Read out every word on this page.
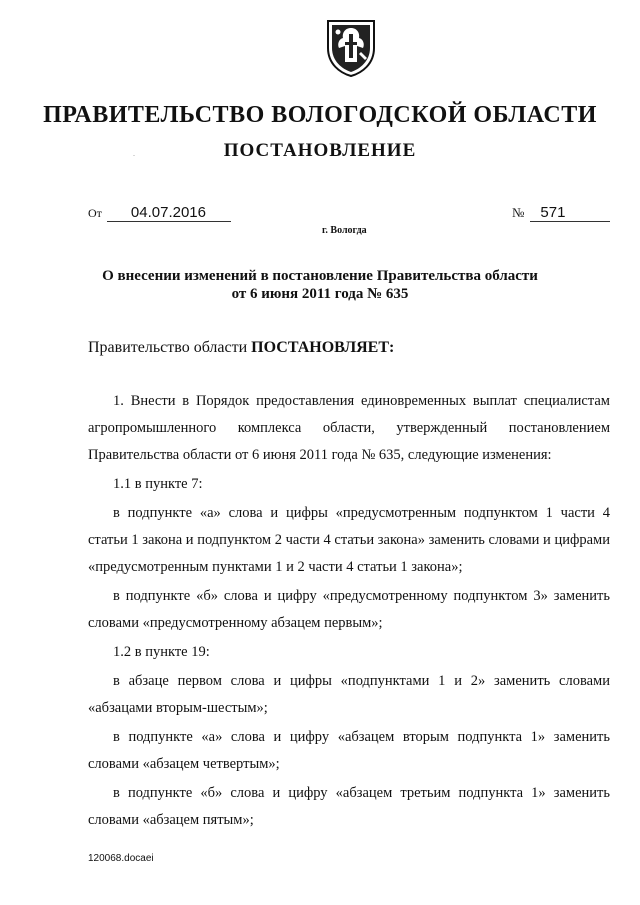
ПРАВИТЕЛЬСТВО ВОЛОГОДСКОЙ ОБЛАСТИ
ПОСТАНОВЛЕНИЕ
.
От 04.07.2016	№ 571
г. Вологда
О внесении изменений в постановление Правительства области
от 6 июня 2011 года № 635
Правительство области ПОСТАНОВЛЯЕТ:

1. Внести в Порядок предоставления единовременных выплат специалистам агропромышленного комплекса области, утвержденный постановлением Правительства области от 6 июня 2011 года № 635, следующие изменения:

1.1 в пункте 7:

в подпункте «а» слова и цифры «предусмотренным подпунктом 1 части 4 статьи 1 закона и подпунктом 2 части 4 статьи закона» заменить словами и цифрами «предусмотренным пунктами 1 и 2 части 4 статьи 1 закона»;

в подпункте «б» слова и цифру «предусмотренному подпунктом 3» заменить словами «предусмотренному абзацем первым»;

1.2 в пункте 19:

в абзаце первом слова и цифры «подпунктами 1 и 2» заменить словами «абзацами вторым-шестым»;

в подпункте «а» слова и цифру «абзацем вторым подпункта 1» заменить словами «абзацем четвертым»;

в подпункте «б» слова и цифру «абзацем третьим подпункта 1» заменить словами «абзацем пятым»;

120068.docaei
